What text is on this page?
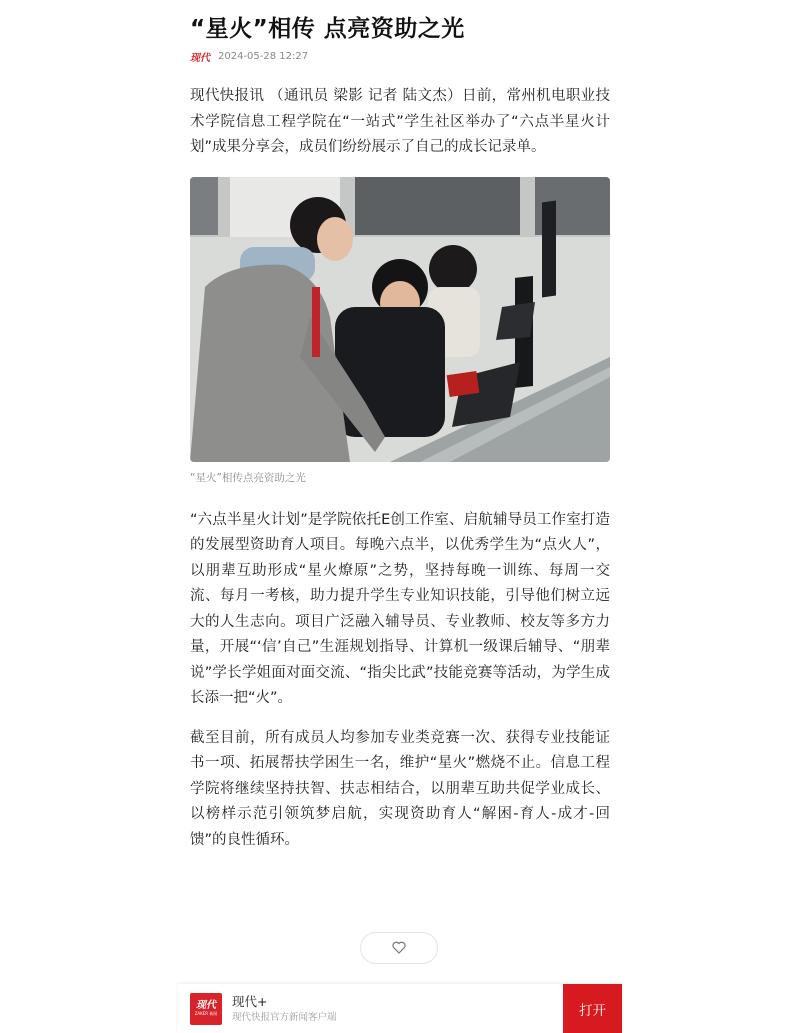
“星火”相传 点亮资助之光
现代 2024-05-28 12:27

现代快报讯 （通讯员 梁影 记者 陆文杰）日前，常州机电职业技术学院信息工程学院在“一站式”学生社区举办了“六点半星火计划”成果分享会，成员们纷纷展示了自己的成长记录单。

“星火”相传点亮资助之光

“六点半星火计划”是学院依托E创工作室、启航辅导员工作室打造的发展型资助育人项目。每晚六点半，以优秀学生为“点火人”，以朋辈互助形成“星火燎原”之势，坚持每晚一训练、每周一交流、每月一考核，助力提升学生专业知识技能，引导他们树立远大的人生志向。项目广泛融入辅导员、专业教师、校友等多方力量，开展“‘信’自己”生涯规划指导、计算机一级课后辅导、“朋辈说”学长学姐面对面交流、“指尖比武”技能竞赛等活动，为学生成长添一把“火”。

截至目前，所有成员人均参加专业类竞赛一次、获得专业技能证书一项、拓展帮扶学困生一名，维护“星火”燃烧不止。信息工程学院将继续坚持扶智、扶志相结合，以朋辈互助共促学业成长、以榜样示范引领筑梦启航，实现资助育人“解困-育人-成才-回馈”的良性循环。

现代
ZAKER 新闻
现代+
现代快报官方新闻客户端	打开
